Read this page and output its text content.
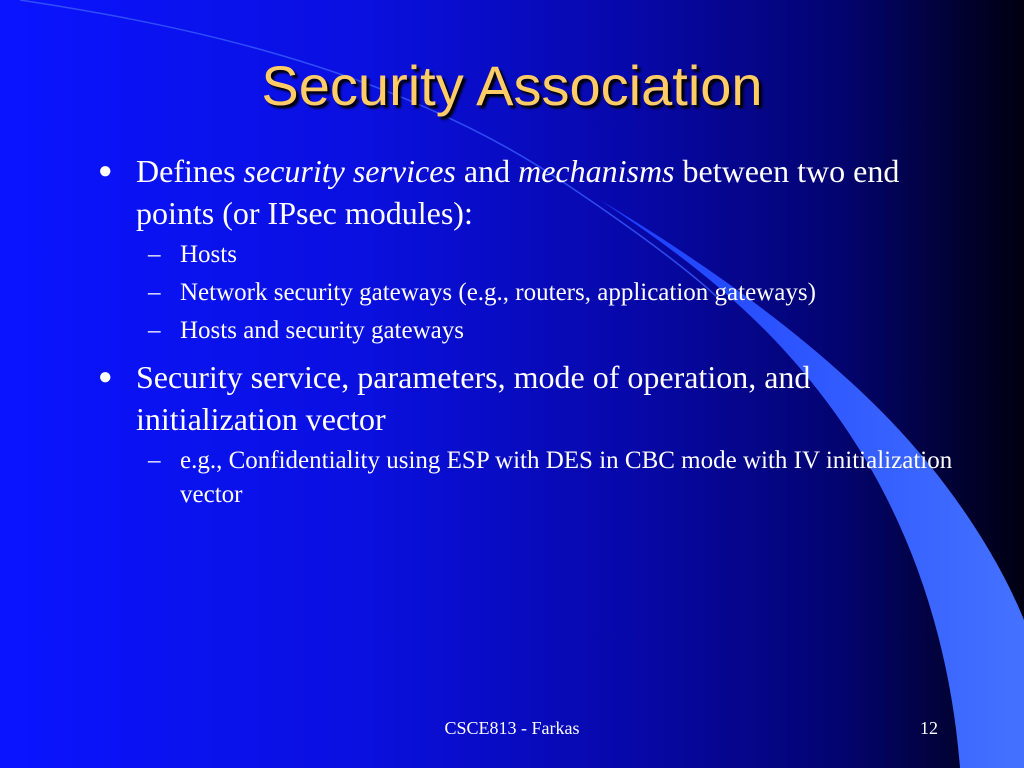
Security Association
● Defines security services and mechanisms between two end points (or IPsec modules):
– Hosts
– Network security gateways (e.g., routers, application gateways)
– Hosts and security gateways
● Security service, parameters, mode of operation, and initialization vector
– e.g., Confidentiality using ESP with DES in CBC mode with IV initialization vector
CSCE813 - Farkas	12
